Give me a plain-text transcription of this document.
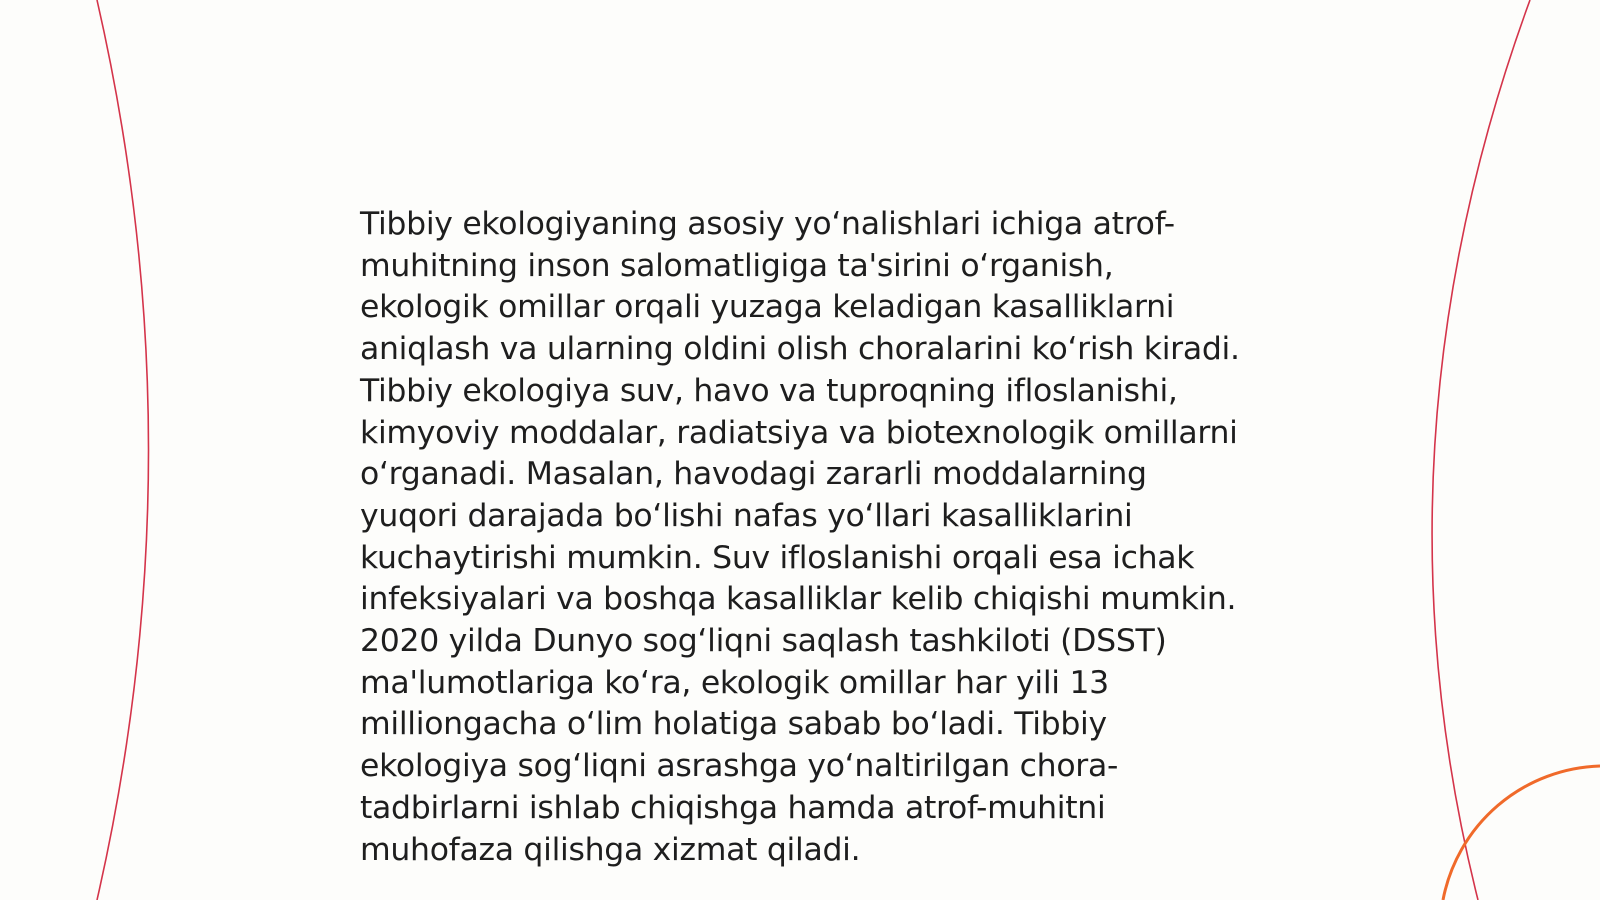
Tibbiy ekologiyaning asosiy yoʻnalishlari ichiga atrof-muhitning inson salomatligiga ta'sirini oʻrganish, ekologik omillar orqali yuzaga keladigan kasalliklarni aniqlash va ularning oldini olish choralarini koʻrish kiradi. Tibbiy ekologiya suv, havo va tuproqning ifloslanishi, kimyoviy moddalar, radiatsiya va biotexnologik omillarni oʻrganadi. Masalan, havodagi zararli moddalarning yuqori darajada boʻlishi nafas yoʻllari kasalliklarini kuchaytirishi mumkin. Suv ifloslanishi orqali esa ichak infeksiyalari va boshqa kasalliklar kelib chiqishi mumkin. 2020 yilda Dunyo sogʻliqni saqlash tashkiloti (DSST) ma'lumotlariga koʻra, ekologik omillar har yili 13 milliongacha oʻlim holatiga sabab boʻladi. Tibbiy ekologiya sogʻliqni asrashga yoʻnaltirilgan chora-tadbirlarni ishlab chiqishga hamda atrof-muhitni muhofaza qilishga xizmat qiladi.
